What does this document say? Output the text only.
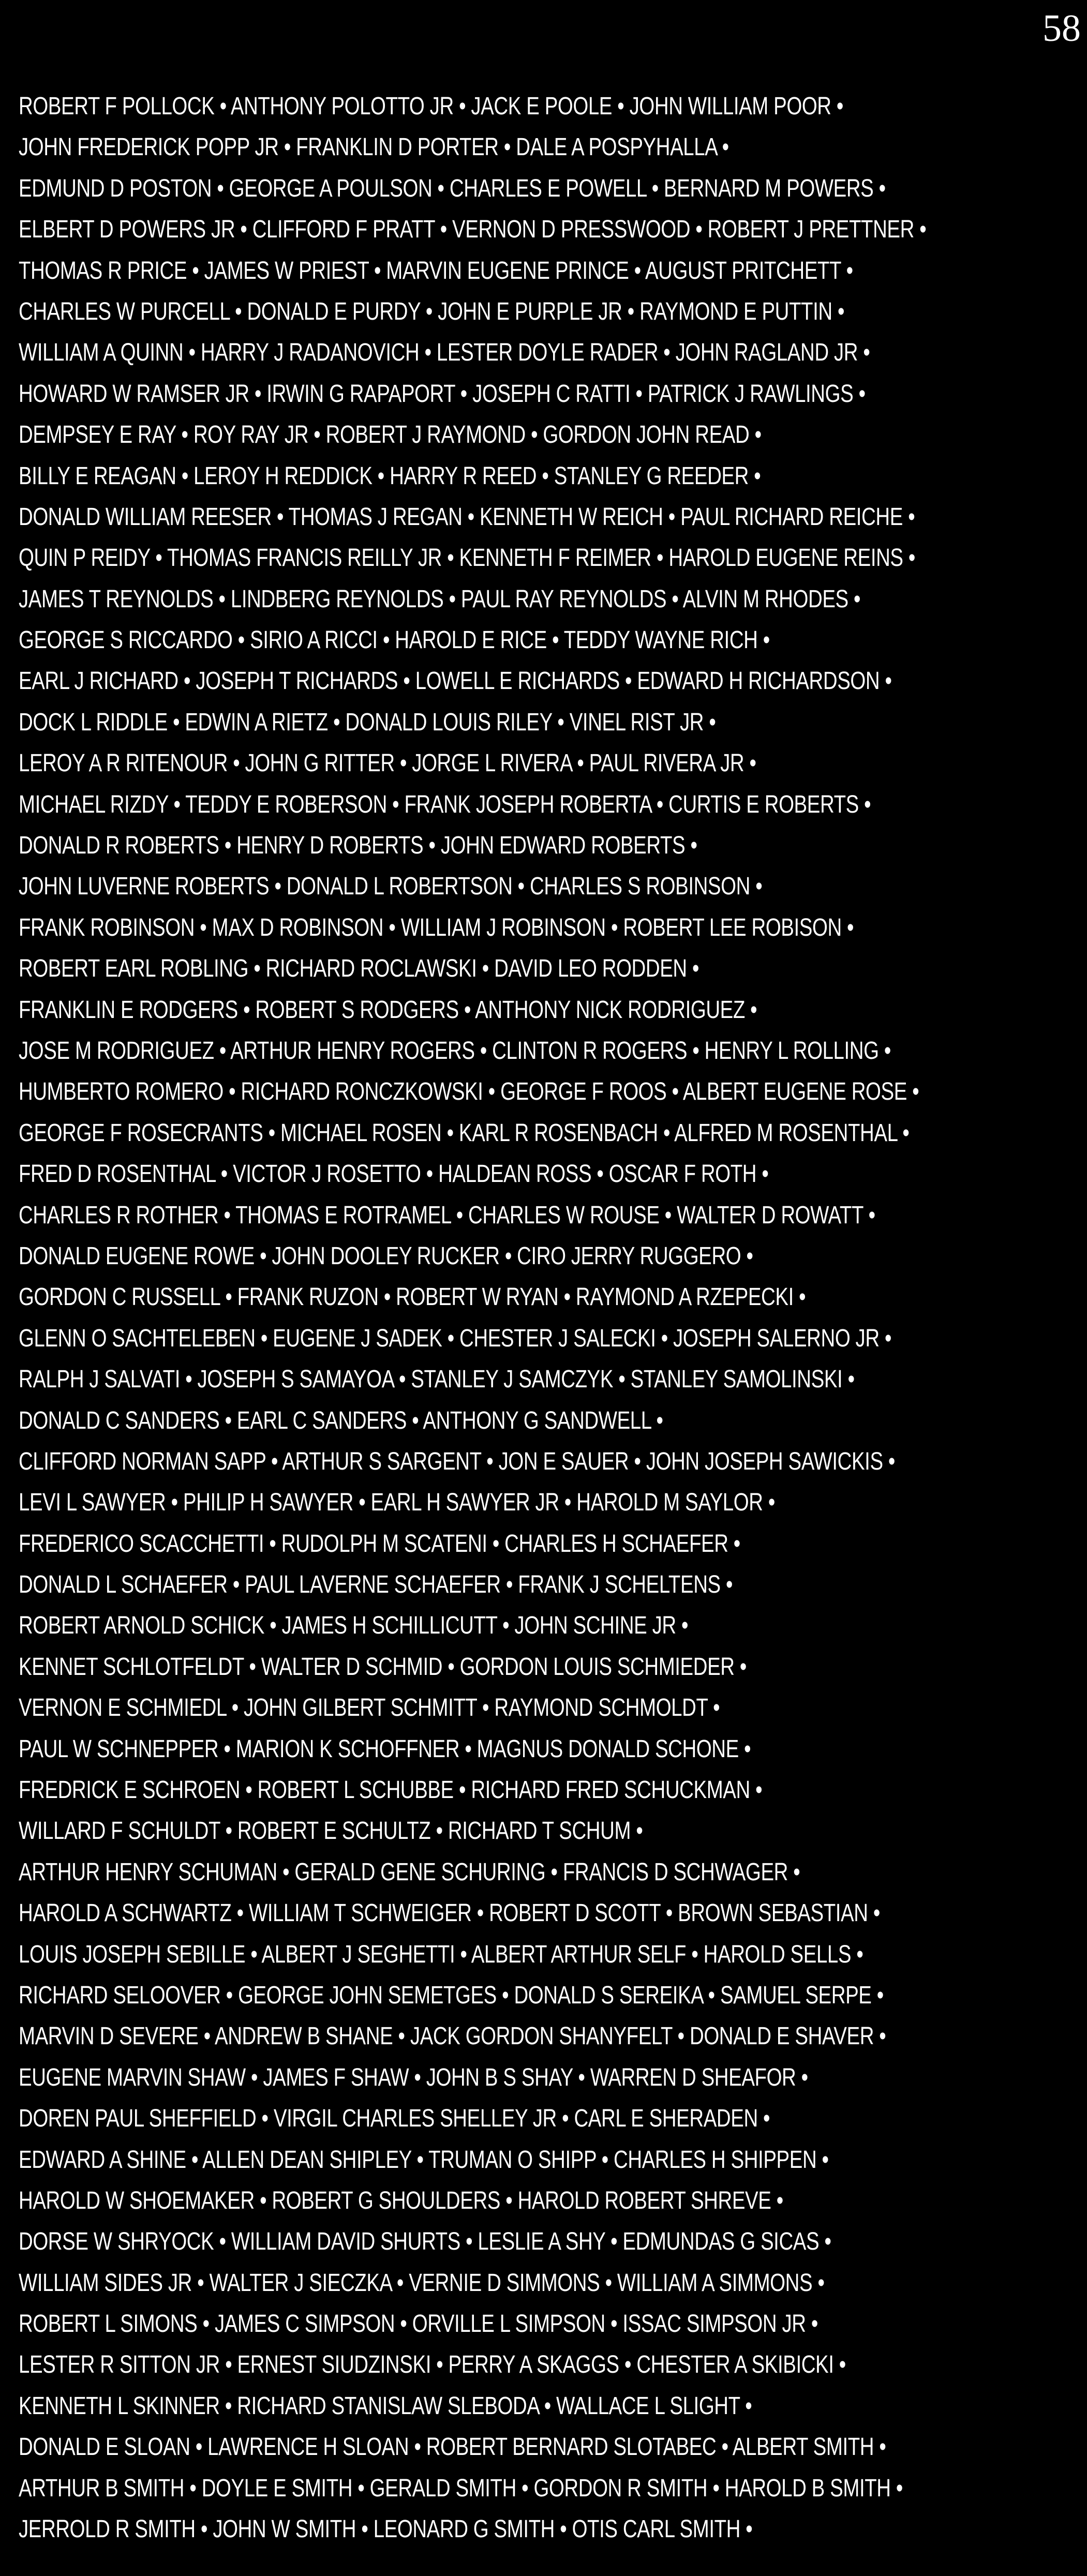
58
ROBERT F POLLOCK • ANTHONY POLOTTO JR • JACK E POOLE • JOHN WILLIAM POOR •
JOHN FREDERICK POPP JR • FRANKLIN D PORTER • DALE A POSPYHALLA •
EDMUND D POSTON • GEORGE A POULSON • CHARLES E POWELL • BERNARD M POWERS •
ELBERT D POWERS JR • CLIFFORD F PRATT • VERNON D PRESSWOOD • ROBERT J PRETTNER •
THOMAS R PRICE • JAMES W PRIEST • MARVIN EUGENE PRINCE • AUGUST PRITCHETT •
CHARLES W PURCELL • DONALD E PURDY • JOHN E PURPLE JR • RAYMOND E PUTTIN •
WILLIAM A QUINN • HARRY J RADANOVICH • LESTER DOYLE RADER • JOHN RAGLAND JR •
HOWARD W RAMSER JR • IRWIN G RAPAPORT • JOSEPH C RATTI • PATRICK J RAWLINGS •
DEMPSEY E RAY • ROY RAY JR • ROBERT J RAYMOND • GORDON JOHN READ •
BILLY E REAGAN • LEROY H REDDICK • HARRY R REED • STANLEY G REEDER •
DONALD WILLIAM REESER • THOMAS J REGAN • KENNETH W REICH • PAUL RICHARD REICHE •
QUIN P REIDY • THOMAS FRANCIS REILLY JR • KENNETH F REIMER • HAROLD EUGENE REINS •
JAMES T REYNOLDS • LINDBERG REYNOLDS • PAUL RAY REYNOLDS • ALVIN M RHODES •
GEORGE S RICCARDO • SIRIO A RICCI • HAROLD E RICE • TEDDY WAYNE RICH •
EARL J RICHARD • JOSEPH T RICHARDS • LOWELL E RICHARDS • EDWARD H RICHARDSON •
DOCK L RIDDLE • EDWIN A RIETZ • DONALD LOUIS RILEY • VINEL RIST JR •
LEROY A R RITENOUR • JOHN G RITTER • JORGE L RIVERA • PAUL RIVERA JR •
MICHAEL RIZDY • TEDDY E ROBERSON • FRANK JOSEPH ROBERTA • CURTIS E ROBERTS •
DONALD R ROBERTS • HENRY D ROBERTS • JOHN EDWARD ROBERTS •
JOHN LUVERNE ROBERTS • DONALD L ROBERTSON • CHARLES S ROBINSON •
FRANK ROBINSON • MAX D ROBINSON • WILLIAM J ROBINSON • ROBERT LEE ROBISON •
ROBERT EARL ROBLING • RICHARD ROCLAWSKI • DAVID LEO RODDEN •
FRANKLIN E RODGERS • ROBERT S RODGERS • ANTHONY NICK RODRIGUEZ •
JOSE M RODRIGUEZ • ARTHUR HENRY ROGERS • CLINTON R ROGERS • HENRY L ROLLING •
HUMBERTO ROMERO • RICHARD RONCZKOWSKI • GEORGE F ROOS • ALBERT EUGENE ROSE •
GEORGE F ROSECRANTS • MICHAEL ROSEN • KARL R ROSENBACH • ALFRED M ROSENTHAL •
FRED D ROSENTHAL • VICTOR J ROSETTO • HALDEAN ROSS • OSCAR F ROTH •
CHARLES R ROTHER • THOMAS E ROTRAMEL • CHARLES W ROUSE • WALTER D ROWATT •
DONALD EUGENE ROWE • JOHN DOOLEY RUCKER • CIRO JERRY RUGGERO •
GORDON C RUSSELL • FRANK RUZON • ROBERT W RYAN • RAYMOND A RZEPECKI •
GLENN O SACHTELEBEN • EUGENE J SADEK • CHESTER J SALECKI • JOSEPH SALERNO JR •
RALPH J SALVATI • JOSEPH S SAMAYOA • STANLEY J SAMCZYK • STANLEY SAMOLINSKI •
DONALD C SANDERS • EARL C SANDERS • ANTHONY G SANDWELL •
CLIFFORD NORMAN SAPP • ARTHUR S SARGENT • JON E SAUER • JOHN JOSEPH SAWICKIS •
LEVI L SAWYER • PHILIP H SAWYER • EARL H SAWYER JR • HAROLD M SAYLOR •
FREDERICO SCACCHETTI • RUDOLPH M SCATENI • CHARLES H SCHAEFER •
DONALD L SCHAEFER • PAUL LAVERNE SCHAEFER • FRANK J SCHELTENS •
ROBERT ARNOLD SCHICK • JAMES H SCHILLICUTT • JOHN SCHINE JR •
KENNET SCHLOTFELDT • WALTER D SCHMID • GORDON LOUIS SCHMIEDER •
VERNON E SCHMIEDL • JOHN GILBERT SCHMITT • RAYMOND SCHMOLDT •
PAUL W SCHNEPPER • MARION K SCHOFFNER • MAGNUS DONALD SCHONE •
FREDRICK E SCHROEN • ROBERT L SCHUBBE • RICHARD FRED SCHUCKMAN •
WILLARD F SCHULDT • ROBERT E SCHULTZ • RICHARD T SCHUM •
ARTHUR HENRY SCHUMAN • GERALD GENE SCHURING • FRANCIS D SCHWAGER •
HAROLD A SCHWARTZ • WILLIAM T SCHWEIGER • ROBERT D SCOTT • BROWN SEBASTIAN •
LOUIS JOSEPH SEBILLE • ALBERT J SEGHETTI • ALBERT ARTHUR SELF • HAROLD SELLS •
RICHARD SELOOVER • GEORGE JOHN SEMETGES • DONALD S SEREIKA • SAMUEL SERPE •
MARVIN D SEVERE • ANDREW B SHANE • JACK GORDON SHANYFELT • DONALD E SHAVER •
EUGENE MARVIN SHAW • JAMES F SHAW • JOHN B S SHAY • WARREN D SHEAFOR •
DOREN PAUL SHEFFIELD • VIRGIL CHARLES SHELLEY JR • CARL E SHERADEN •
EDWARD A SHINE • ALLEN DEAN SHIPLEY • TRUMAN O SHIPP • CHARLES H SHIPPEN •
HAROLD W SHOEMAKER • ROBERT G SHOULDERS • HAROLD ROBERT SHREVE •
DORSE W SHRYOCK • WILLIAM DAVID SHURTS • LESLIE A SHY • EDMUNDAS G SICAS •
WILLIAM SIDES JR • WALTER J SIECZKA • VERNIE D SIMMONS • WILLIAM A SIMMONS •
ROBERT L SIMONS • JAMES C SIMPSON • ORVILLE L SIMPSON • ISSAC SIMPSON JR •
LESTER R SITTON JR • ERNEST SIUDZINSKI • PERRY A SKAGGS • CHESTER A SKIBICKI •
KENNETH L SKINNER • RICHARD STANISLAW SLEBODA • WALLACE L SLIGHT •
DONALD E SLOAN • LAWRENCE H SLOAN • ROBERT BERNARD SLOTABEC • ALBERT SMITH •
ARTHUR B SMITH • DOYLE E SMITH • GERALD SMITH • GORDON R SMITH • HAROLD B SMITH •
JERROLD R SMITH • JOHN W SMITH • LEONARD G SMITH • OTIS CARL SMITH •
